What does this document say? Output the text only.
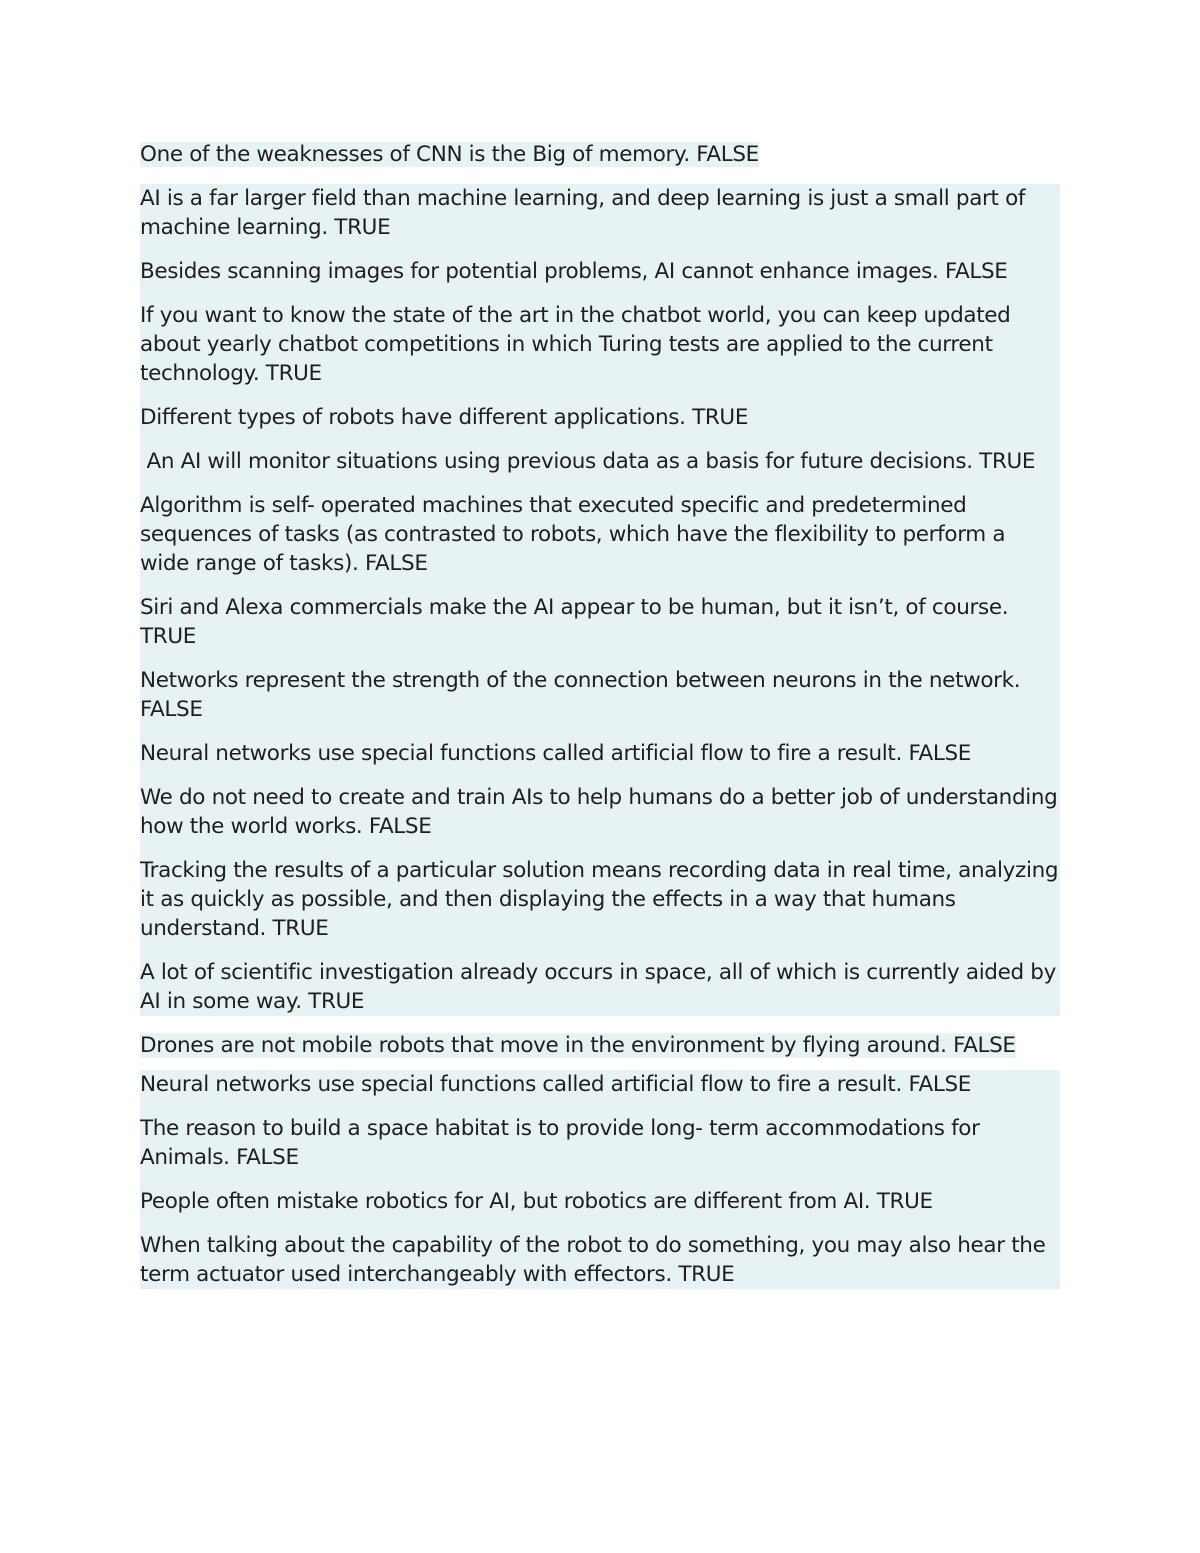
One of the weaknesses of CNN is the Big of memory. FALSE

AI is a far larger field than machine learning, and deep learning is just a small part of machine learning. TRUE

Besides scanning images for potential problems, AI cannot enhance images. FALSE

If you want to know the state of the art in the chatbot world, you can keep updated about yearly chatbot competitions in which Turing tests are applied to the current technology. TRUE

Different types of robots have different applications. TRUE

An AI will monitor situations using previous data as a basis for future decisions. TRUE

Algorithm is self- operated machines that executed specific and predetermined sequences of tasks (as contrasted to robots, which have the flexibility to perform a wide range of tasks). FALSE

Siri and Alexa commercials make the AI appear to be human, but it isn’t, of course. TRUE

Networks represent the strength of the connection between neurons in the network. FALSE

Neural networks use special functions called artificial flow to fire a result. FALSE

We do not need to create and train AIs to help humans do a better job of understanding how the world works. FALSE

Tracking the results of a particular solution means recording data in real time, analyzing it as quickly as possible, and then displaying the effects in a way that humans understand. TRUE

A lot of scientific investigation already occurs in space, all of which is currently aided by AI in some way. TRUE

Drones are not mobile robots that move in the environment by flying around. FALSE

Neural networks use special functions called artificial flow to fire a result. FALSE

The reason to build a space habitat is to provide long- term accommodations for Animals. FALSE

People often mistake robotics for AI, but robotics are different from AI. TRUE

When talking about the capability of the robot to do something, you may also hear the term actuator used interchangeably with effectors. TRUE
